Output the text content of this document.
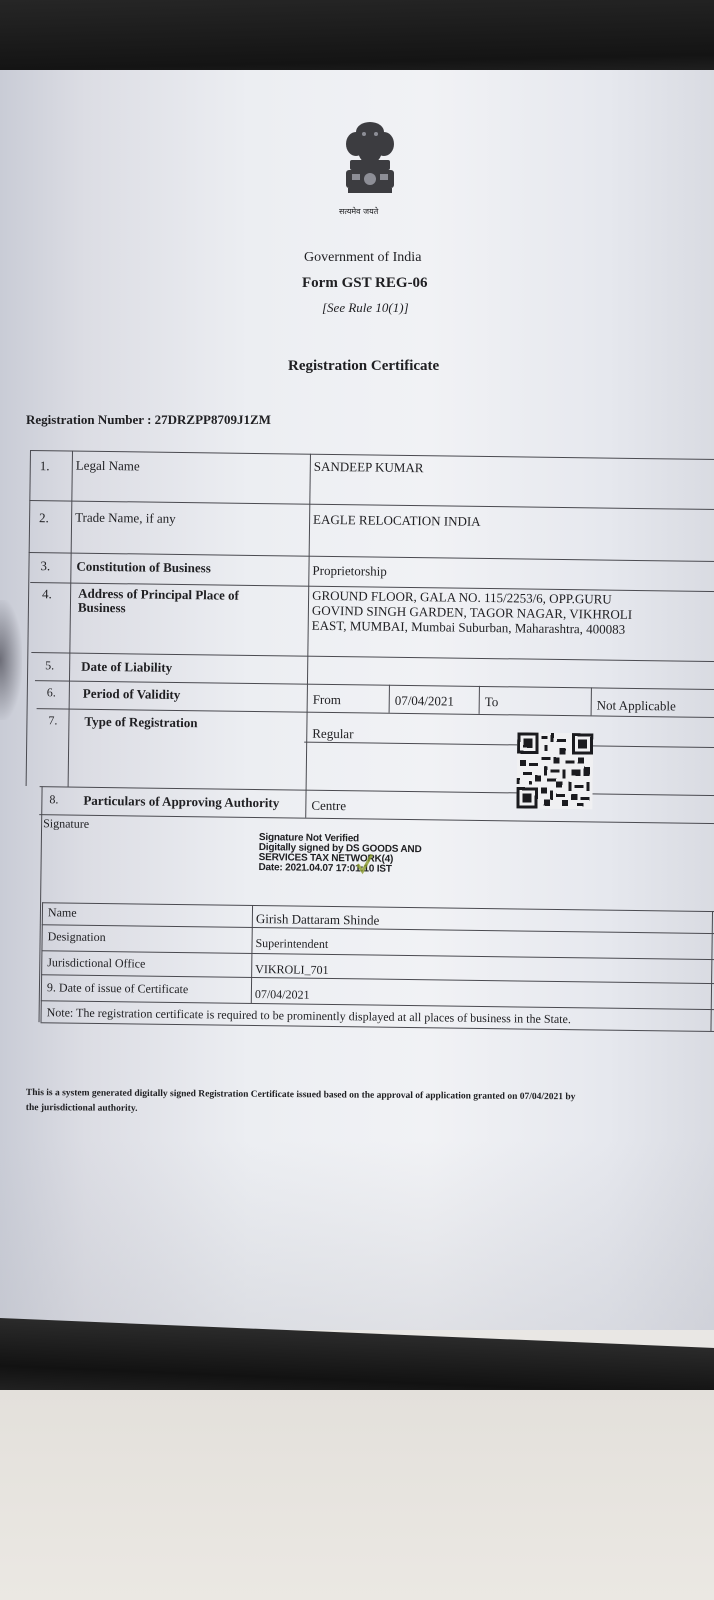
सत्यमेव जयते
Government of India
Form GST REG-06
[See Rule 10(1)]
Registration Certificate
Registration Number : 27DRZPP8709J1ZM
1. Legal Name	SANDEEP KUMAR
2. Trade Name, if any	EAGLE RELOCATION INDIA
3. Constitution of Business	Proprietorship
4. Address of Principal Place of
Business
GROUND FLOOR, GALA NO. 115/2253/6, OPP.GURU
GOVIND SINGH GARDEN, TAGOR NAGAR, VIKHROLI
EAST, MUMBAI, Mumbai Suburban, Maharashtra, 400083
5. Date of Liability
6. Period of Validity	From	07/04/2021 To	Not Applicable
7. Type of Registration
Regular
8. Particulars of Approving Authority Centre
Signature
Signature Not Verified
Digitally signed by DS GOODS AND
SERVICES TAX NETWORK(4)
Date: 2021.04.07 17:01:10 IST
Name	Girish Dattaram Shinde
Designation	Superintendent
Jurisdictional Office	VIKROLI_701
9. Date of issue of Certificate	07/04/2021
Note: The registration certificate is required to be prominently displayed at all places of business in the State.
This is a system generated digitally signed Registration Certificate issued based on the approval of application granted on 07/04/2021 by
the jurisdictional authority.
